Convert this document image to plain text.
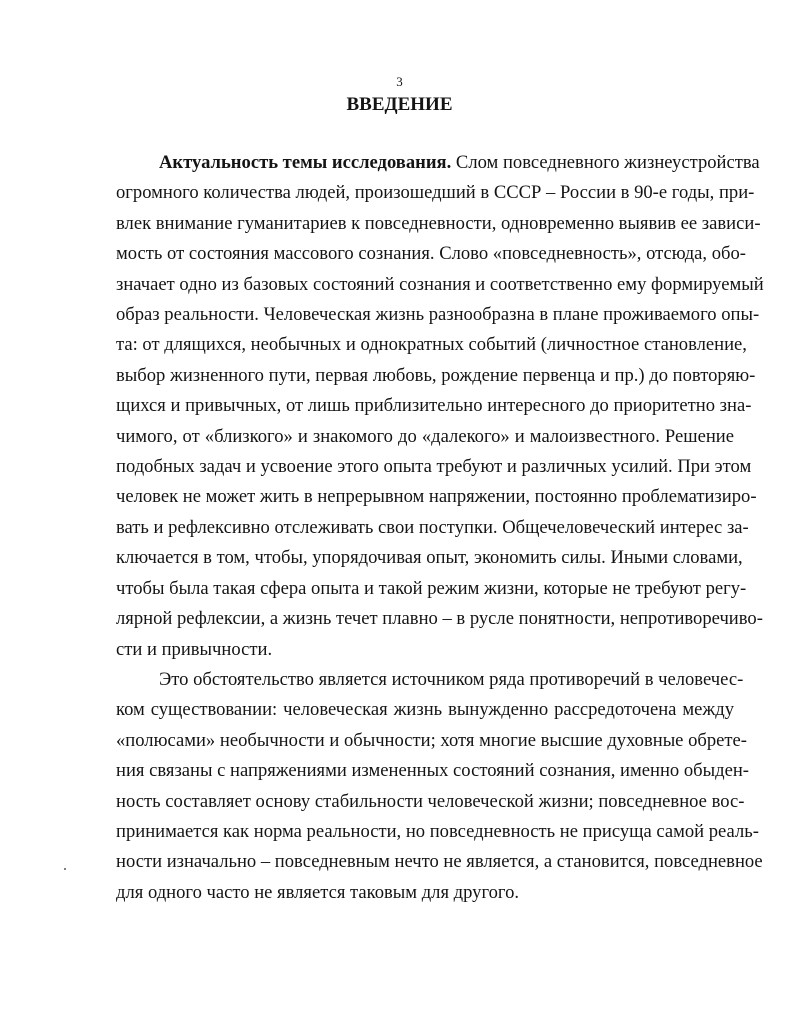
3
ВВЕДЕНИЕ
Актуальность темы исследования. Слом повседневного жизнеустройства
огромного количества людей, произошедший в СССР – России в 90-е годы, при-
влек внимание гуманитариев к повседневности, одновременно выявив ее зависи-
мость от состояния массового сознания. Слово «повседневность», отсюда, обо-
значает одно из базовых состояний сознания и соответственно ему формируемый
образ реальности. Человеческая жизнь разнообразна в плане проживаемого опы-
та: от длящихся, необычных и однократных событий (личностное становление,
выбор жизненного пути, первая любовь, рождение первенца и пр.) до повторяю-
щихся и привычных, от лишь приблизительно интересного до приоритетно зна-
чимого, от «близкого» и знакомого до «далекого» и малоизвестного. Решение
подобных задач и усвоение этого опыта требуют и различных усилий. При этом
человек не может жить в непрерывном напряжении, постоянно проблематизиро-
вать и рефлексивно отслеживать свои поступки. Общечеловеческий интерес за-
ключается в том, чтобы, упорядочивая опыт, экономить силы. Иными словами,
чтобы была такая сфера опыта и такой режим жизни, которые не требуют регу-
лярной рефлексии, а жизнь течет плавно – в русле понятности, непротиворечиво-
сти и привычности.
Это обстоятельство является источником ряда противоречий в человечес-
ком существовании: человеческая жизнь вынужденно рассредоточена между
«полюсами» необычности и обычности; хотя многие высшие духовные обрете-
ния связаны с напряжениями измененных состояний сознания, именно обыден-
ность составляет основу стабильности человеческой жизни; повседневное вос-
принимается как норма реальности, но повседневность не присуща самой реаль-
ности изначально – повседневным нечто не является, а становится, повседневное
для одного часто не является таковым для другого.
